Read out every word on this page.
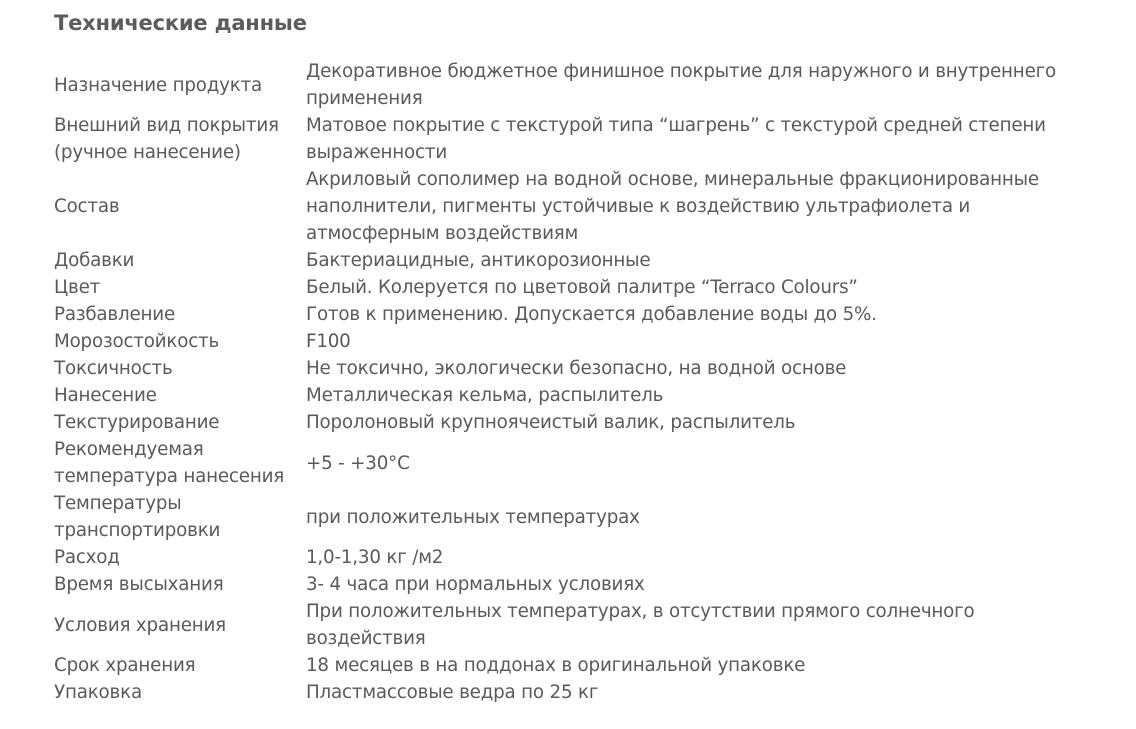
Технические данные
Назначение продукта	Декоративное бюджетное финишное покрытие для наружного и внутреннего применения
Внешний вид покрытия (ручное нанесение)	Матовое покрытие с текстурой типа “шагрень” с текстурой средней степени выраженности
Состав	Акриловый сополимер на водной основе, минеральные фракционированные наполнители, пигменты устойчивые к воздействию ультрафиолета и атмосферным воздействиям
Добавки	Бактериацидные, антикорозионные
Цвет	Белый. Колеруется по цветовой палитре “Terraco Colours”
Разбавление	Готов к применению. Допускается добавление воды до 5%.
Морозостойкость	F100
Токсичность	Не токсично, экологически безопасно, на водной основе
Нанесение	Металлическая кельма, распылитель
Текстурирование	Поролоновый крупноячеистый валик, распылитель
Рекомендуемая температура нанесения	+5 - +30°C
Температуры транспортировки	при положительных температурах
Расход	1,0-1,30 кг /м2
Время высыхания	3- 4 часа при нормальных условиях
Условия хранения	При положительных температурах, в отсутствии прямого солнечного воздействия
Срок хранения	18 месяцев в на поддонах в оригинальной упаковке
Упаковка	Пластмассовые ведра по 25 кг
